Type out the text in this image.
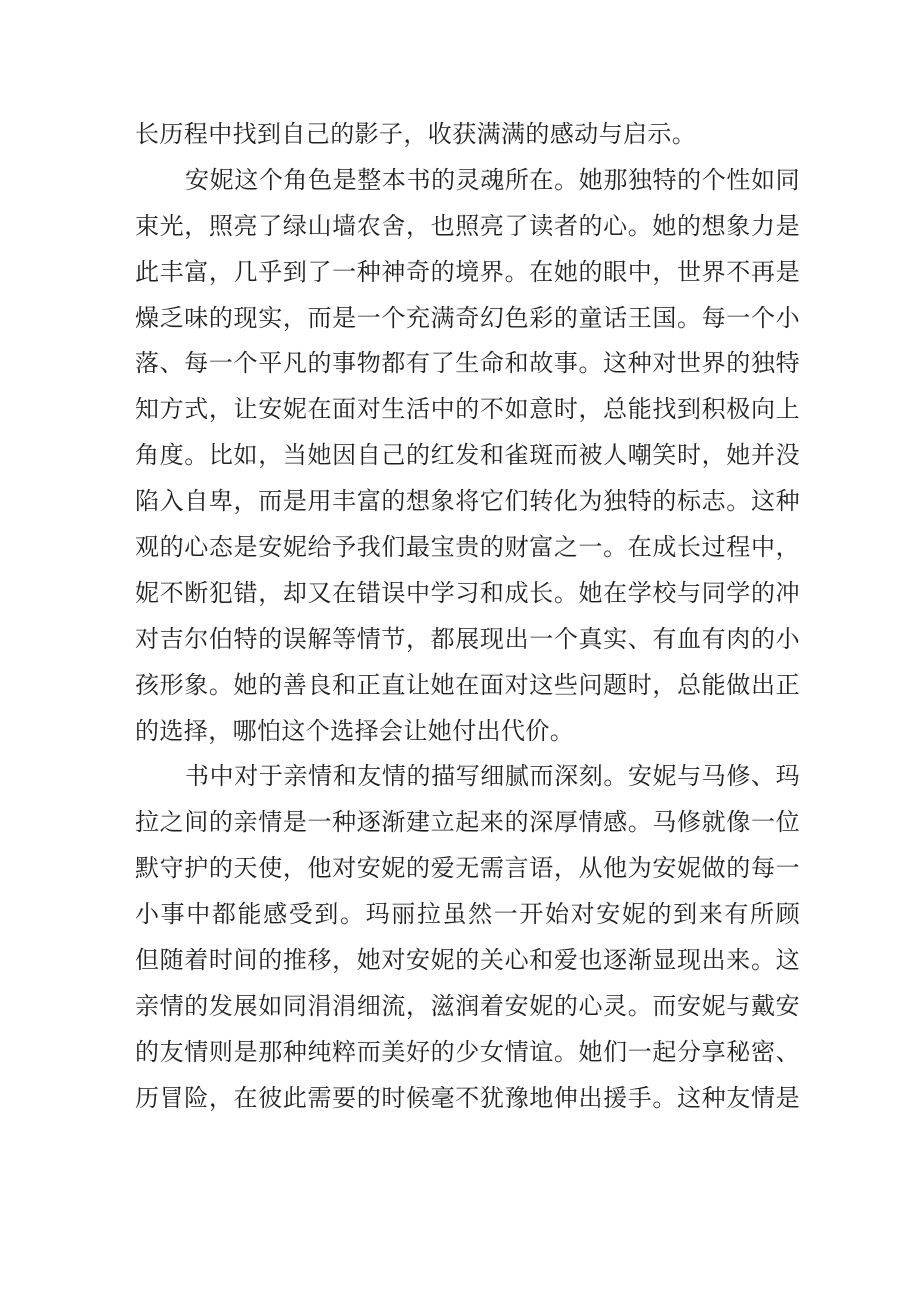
长历程中找到自己的影子，收获满满的感动与启示。
安妮这个角色是整本书的灵魂所在。她那独特的个性如同
束光，照亮了绿山墙农舍，也照亮了读者的心。她的想象力是
此丰富，几乎到了一种神奇的境界。在她的眼中，世界不再是
燥乏味的现实，而是一个充满奇幻色彩的童话王国。每一个小
落、每一个平凡的事物都有了生命和故事。这种对世界的独特
知方式，让安妮在面对生活中的不如意时，总能找到积极向上
角度。比如，当她因自己的红发和雀斑而被人嘲笑时，她并没
陷入自卑，而是用丰富的想象将它们转化为独特的标志。这种
观的心态是安妮给予我们最宝贵的财富之一。在成长过程中，
妮不断犯错，却又在错误中学习和成长。她在学校与同学的冲
对吉尔伯特的误解等情节，都展现出一个真实、有血有肉的小
孩形象。她的善良和正直让她在面对这些问题时，总能做出正
的选择，哪怕这个选择会让她付出代价。
书中对于亲情和友情的描写细腻而深刻。安妮与马修、玛
拉之间的亲情是一种逐渐建立起来的深厚情感。马修就像一位
默守护的天使，他对安妮的爱无需言语，从他为安妮做的每一
小事中都能感受到。玛丽拉虽然一开始对安妮的到来有所顾
但随着时间的推移，她对安妮的关心和爱也逐渐显现出来。这
亲情的发展如同涓涓细流，滋润着安妮的心灵。而安妮与戴安
的友情则是那种纯粹而美好的少女情谊。她们一起分享秘密、
历冒险，在彼此需要的时候毫不犹豫地伸出援手。这种友情是
